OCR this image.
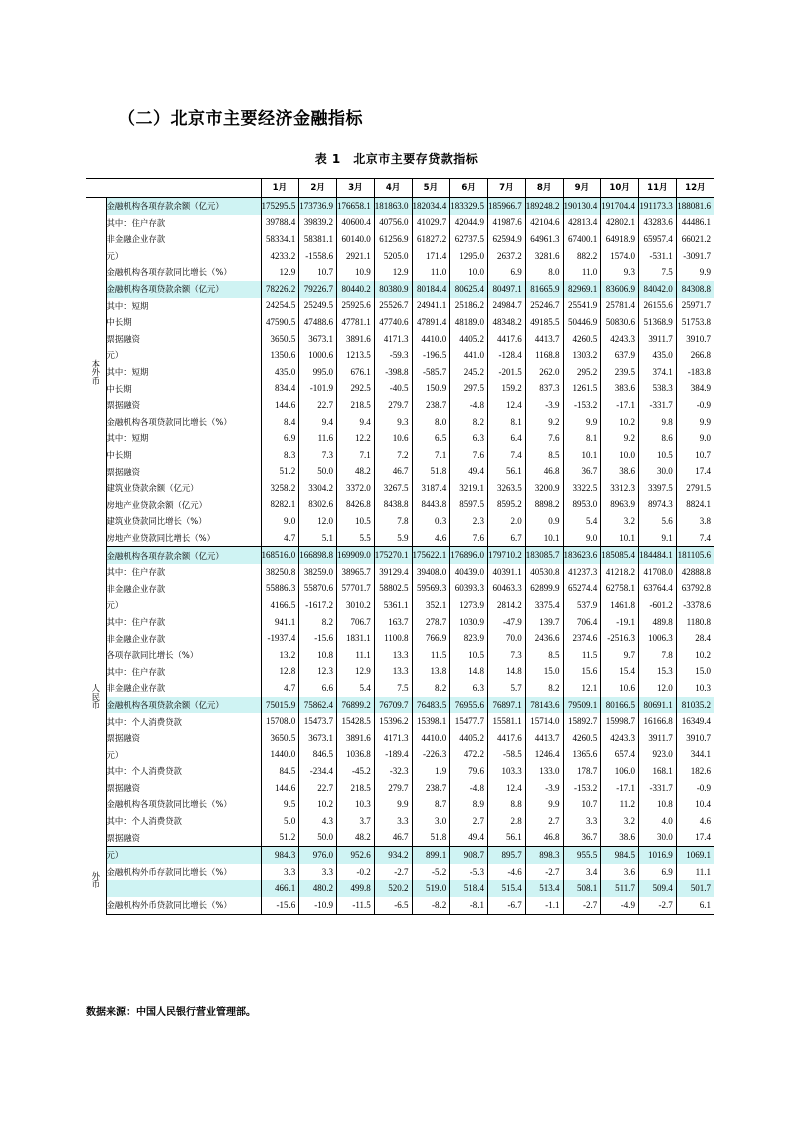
（二）北京市主要经济金融指标
表 1　北京市主要存贷款指标
		1月	2月	3月	4月	5月	6月	7月	8月	9月	10月	11月	12月
本
外
币	金融机构各项存款余额（亿元）	175295.5	173736.9	176658.1	181863.0	182034.4	183329.5	185966.7	189248.2	190130.4	191704.4	191173.3	188081.6
	其中：住户存款	39788.4	39839.2	40600.4	40756.0	41029.7	42044.9	41987.6	42104.6	42813.4	42802.1	43283.6	44486.1
	非金融企业存款	58334.1	58381.1	60140.0	61256.9	61827.2	62737.5	62594.9	64961.3	67400.1	64918.9	65957.4	66021.2
	元）	4233.2	-1558.6	2921.1	5205.0	171.4	1295.0	2637.2	3281.6	882.2	1574.0	-531.1	-3091.7
	金融机构各项存款同比增长（%）	12.9	10.7	10.9	12.9	11.0	10.0	6.9	8.0	11.0	9.3	7.5	9.9
	金融机构各项贷款余额（亿元）	78226.2	79226.7	80440.2	80380.9	80184.4	80625.4	80497.1	81665.9	82969.1	83606.9	84042.0	84308.8
	其中：短期	24254.5	25249.5	25925.6	25526.7	24941.1	25186.2	24984.7	25246.7	25541.9	25781.4	26155.6	25971.7
	中长期	47590.5	47488.6	47781.1	47740.6	47891.4	48189.0	48348.2	49185.5	50446.9	50830.6	51368.9	51753.8
	票据融资	3650.5	3673.1	3891.6	4171.3	4410.0	4405.2	4417.6	4413.7	4260.5	4243.3	3911.7	3910.7
	元）	1350.6	1000.6	1213.5	-59.3	-196.5	441.0	-128.4	1168.8	1303.2	637.9	435.0	266.8
	其中：短期	435.0	995.0	676.1	-398.8	-585.7	245.2	-201.5	262.0	295.2	239.5	374.1	-183.8
	中长期	834.4	-101.9	292.5	-40.5	150.9	297.5	159.2	837.3	1261.5	383.6	538.3	384.9
	票据融资	144.6	22.7	218.5	279.7	238.7	-4.8	12.4	-3.9	-153.2	-17.1	-331.7	-0.9
	金融机构各项贷款同比增长（%）	8.4	9.4	9.4	9.3	8.0	8.2	8.1	9.2	9.9	10.2	9.8	9.9
	其中：短期	6.9	11.6	12.2	10.6	6.5	6.3	6.4	7.6	8.1	9.2	8.6	9.0
	中长期	8.3	7.3	7.1	7.2	7.1	7.6	7.4	8.5	10.1	10.0	10.5	10.7
	票据融资	51.2	50.0	48.2	46.7	51.8	49.4	56.1	46.8	36.7	38.6	30.0	17.4
	建筑业贷款余额（亿元）	3258.2	3304.2	3372.0	3267.5	3187.4	3219.1	3263.5	3200.9	3322.5	3312.3	3397.5	2791.5
	房地产业贷款余额（亿元）	8282.1	8302.6	8426.8	8438.8	8443.8	8597.5	8595.2	8898.2	8953.0	8963.9	8974.3	8824.1
	建筑业贷款同比增长（%）	9.0	12.0	10.5	7.8	0.3	2.3	2.0	0.9	5.4	3.2	5.6	3.8
	房地产业贷款同比增长（%）	4.7	5.1	5.5	5.9	4.6	7.6	6.7	10.1	9.0	10.1	9.1	7.4
人
民
币	金融机构各项存款余额（亿元）	168516.0	166898.8	169909.0	175270.1	175622.1	176896.0	179710.2	183085.7	183623.6	185085.4	184484.1	181105.6
	其中：住户存款	38250.8	38259.0	38965.7	39129.4	39408.0	40439.0	40391.1	40530.8	41237.3	41218.2	41708.0	42888.8
	非金融企业存款	55886.3	55870.6	57701.7	58802.5	59569.3	60393.3	60463.3	62899.9	65274.4	62758.1	63764.4	63792.8
	元）	4166.5	-1617.2	3010.2	5361.1	352.1	1273.9	2814.2	3375.4	537.9	1461.8	-601.2	-3378.6
	其中：住户存款	941.1	8.2	706.7	163.7	278.7	1030.9	-47.9	139.7	706.4	-19.1	489.8	1180.8
	非金融企业存款	-1937.4	-15.6	1831.1	1100.8	766.9	823.9	70.0	2436.6	2374.6	-2516.3	1006.3	28.4
	各项存款同比增长（%）	13.2	10.8	11.1	13.3	11.5	10.5	7.3	8.5	11.5	9.7	7.8	10.2
	其中：住户存款	12.8	12.3	12.9	13.3	13.8	14.8	14.8	15.0	15.6	15.4	15.3	15.0
	非金融企业存款	4.7	6.6	5.4	7.5	8.2	6.3	5.7	8.2	12.1	10.6	12.0	10.3
	金融机构各项贷款余额（亿元）	75015.9	75862.4	76899.2	76709.7	76483.5	76955.6	76897.1	78143.6	79509.1	80166.5	80691.1	81035.2
	其中：个人消费贷款	15708.0	15473.7	15428.5	15396.2	15398.1	15477.7	15581.1	15714.0	15892.7	15998.7	16166.8	16349.4
	票据融资	3650.5	3673.1	3891.6	4171.3	4410.0	4405.2	4417.6	4413.7	4260.5	4243.3	3911.7	3910.7
	元）	1440.0	846.5	1036.8	-189.4	-226.3	472.2	-58.5	1246.4	1365.6	657.4	923.0	344.1
	其中：个人消费贷款	84.5	-234.4	-45.2	-32.3	1.9	79.6	103.3	133.0	178.7	106.0	168.1	182.6
	票据融资	144.6	22.7	218.5	279.7	238.7	-4.8	12.4	-3.9	-153.2	-17.1	-331.7	-0.9
	金融机构各项贷款同比增长（%）	9.5	10.2	10.3	9.9	8.7	8.9	8.8	9.9	10.7	11.2	10.8	10.4
	其中：个人消费贷款	5.0	4.3	3.7	3.3	3.0	2.7	2.8	2.7	3.3	3.2	4.0	4.6
	票据融资	51.2	50.0	48.2	46.7	51.8	49.4	56.1	46.8	36.7	38.6	30.0	17.4
外
币	元）	984.3	976.0	952.6	934.2	899.1	908.7	895.7	898.3	955.5	984.5	1016.9	1069.1
	金融机构外币存款同比增长（%）	3.3	3.3	-0.2	-2.7	-5.2	-5.3	-4.6	-2.7	3.4	3.6	6.9	11.1
		466.1	480.2	499.8	520.2	519.0	518.4	515.4	513.4	508.1	511.7	509.4	501.7
	金融机构外币贷款同比增长（%）	-15.6	-10.9	-11.5	-6.5	-8.2	-8.1	-6.7	-1.1	-2.7	-4.9	-2.7	6.1
数据来源：中国人民银行营业管理部。
